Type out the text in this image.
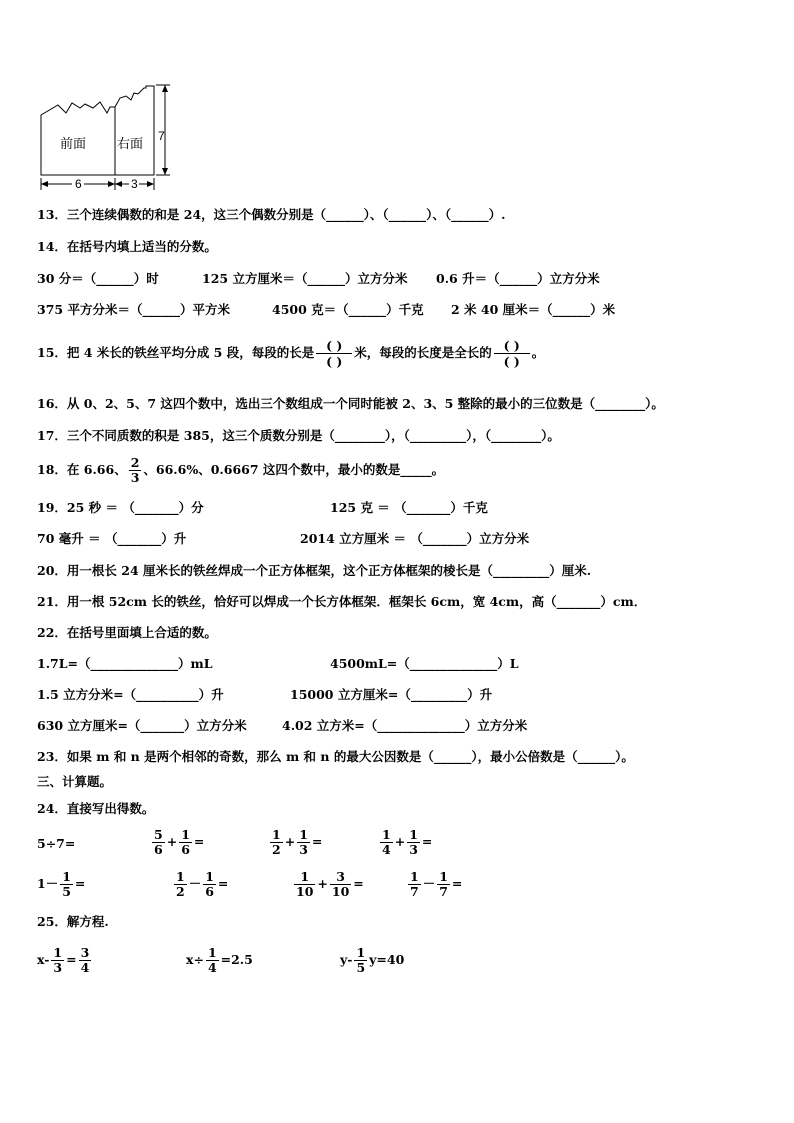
前面 右面 7
6	3
13．三个连续偶数的和是 24，这三个偶数分别是（______）、（______）、（______）.
14．在括号内填上适当的分数。
30 分＝（______）时	125 立方厘米＝（______）立方分米 0.6 升＝（______）立方分米
375 平方分米＝（______）平方米	4500 克＝（______）千克 2 米 40 厘米＝（______）米
15．把 4 米长的铁丝平均分成 5 段，每段的长是 ( )
( )米，每段的长度是全长的 ( )
( )。
16．从 0、2、5、7 这四个数中，选出三个数组成一个同时能被 2、3、5 整除的最小的三位数是（________）。
17．三个不同质数的积是 385，这三个质数分别是（________），（_________），（________）。
18．在 6.66、 $\frac{2}{3}$ 、66.6%、0.6667 这四个数中，最小的数是_____。
19．25 秒 ＝ （_______）分	125 克 ＝ （_______）千克
70 毫升 ＝ （_______）升	2014 立方厘米 ＝ （_______）立方分米
20．用一根长 24 厘米长的铁丝焊成一个正方体框架，这个正方体框架的棱长是（_________）厘米.
21．用一根 52cm 长的铁丝，恰好可以焊成一个长方体框架．框架长 6cm，宽 4cm，高（_______）cm．
22．在括号里面填上合适的数。
1.7L=（______________）mL	4500mL=（______________）L
1.5 立方分米=（__________）升	15000 立方厘米=（_________）升
630 立方厘米=（_______）立方分米	4.02 立方米=（______________）立方分米
23．如果 m 和 n 是两个相邻的奇数，那么 m 和 n 的最大公因数是（______），最小公倍数是（______）。
三、计算题。
24．直接写出得数。
5÷7=	$\frac{5}{6} + \frac{1}{6}$ =	$\frac{1}{2} + \frac{1}{3}$ =	$\frac{1}{4} + \frac{1}{3}$ =
$1- \frac{1}{5}$ =	$\frac{1}{2} - \frac{1}{6}$ =	$\frac{1}{10} + \frac{3}{10}$ =	$\frac{1}{7} - \frac{1}{7}$ =
25．解方程.
$x- \frac{1}{3} = \frac{3}{4}$	$x\div \frac{1}{4} =2.5$	$y- \frac{1}{5} y=40$
